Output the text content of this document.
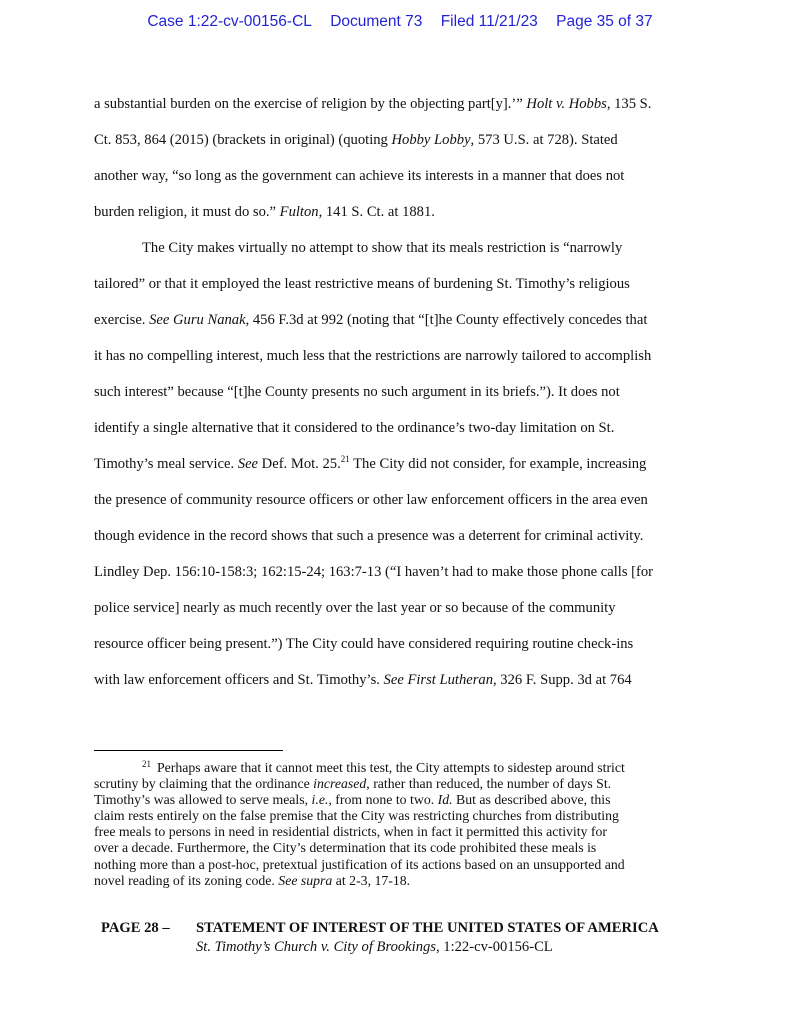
Case 1:22-cv-00156-CL Document 73 Filed 11/21/23 Page 35 of 37
a substantial burden on the exercise of religion by the objecting part[y].’” Holt v. Hobbs, 135 S.
Ct. 853, 864 (2015) (brackets in original) (quoting Hobby Lobby, 573 U.S. at 728). Stated
another way, “so long as the government can achieve its interests in a manner that does not
burden religion, it must do so.” Fulton, 141 S. Ct. at 1881.
The City makes virtually no attempt to show that its meals restriction is “narrowly
tailored” or that it employed the least restrictive means of burdening St. Timothy’s religious
exercise. See Guru Nanak, 456 F.3d at 992 (noting that “[t]he County effectively concedes that
it has no compelling interest, much less that the restrictions are narrowly tailored to accomplish
such interest” because “[t]he County presents no such argument in its briefs.”). It does not
identify a single alternative that it considered to the ordinance’s two-day limitation on St.
Timothy’s meal service. See Def. Mot. 25.21 The City did not consider, for example, increasing
the presence of community resource officers or other law enforcement officers in the area even
though evidence in the record shows that such a presence was a deterrent for criminal activity.
Lindley Dep. 156:10-158:3; 162:15-24; 163:7-13 (“I haven’t had to make those phone calls [for
police service] nearly as much recently over the last year or so because of the community
resource officer being present.”) The City could have considered requiring routine check-ins
with law enforcement officers and St. Timothy’s. See First Lutheran, 326 F. Supp. 3d at 764
$^{21}$ Perhaps aware that it cannot meet this test, the City attempts to sidestep around strict
scrutiny by claiming that the ordinance increased, rather than reduced, the number of days St.
Timothy’s was allowed to serve meals, i.e., from none to two. Id. But as described above, this
claim rests entirely on the false premise that the City was restricting churches from distributing
free meals to persons in need in residential districts, when in fact it permitted this activity for
over a decade. Furthermore, the City’s determination that its code prohibited these meals is
nothing more than a post-hoc, pretextual justification of its actions based on an unsupported and
novel reading of its zoning code. See supra at 2-3, 17-18.
PAGE 28 – STATEMENT OF INTEREST OF THE UNITED STATES OF AMERICA
St. Timothy’s Church v. City of Brookings, 1:22-cv-00156-CL
